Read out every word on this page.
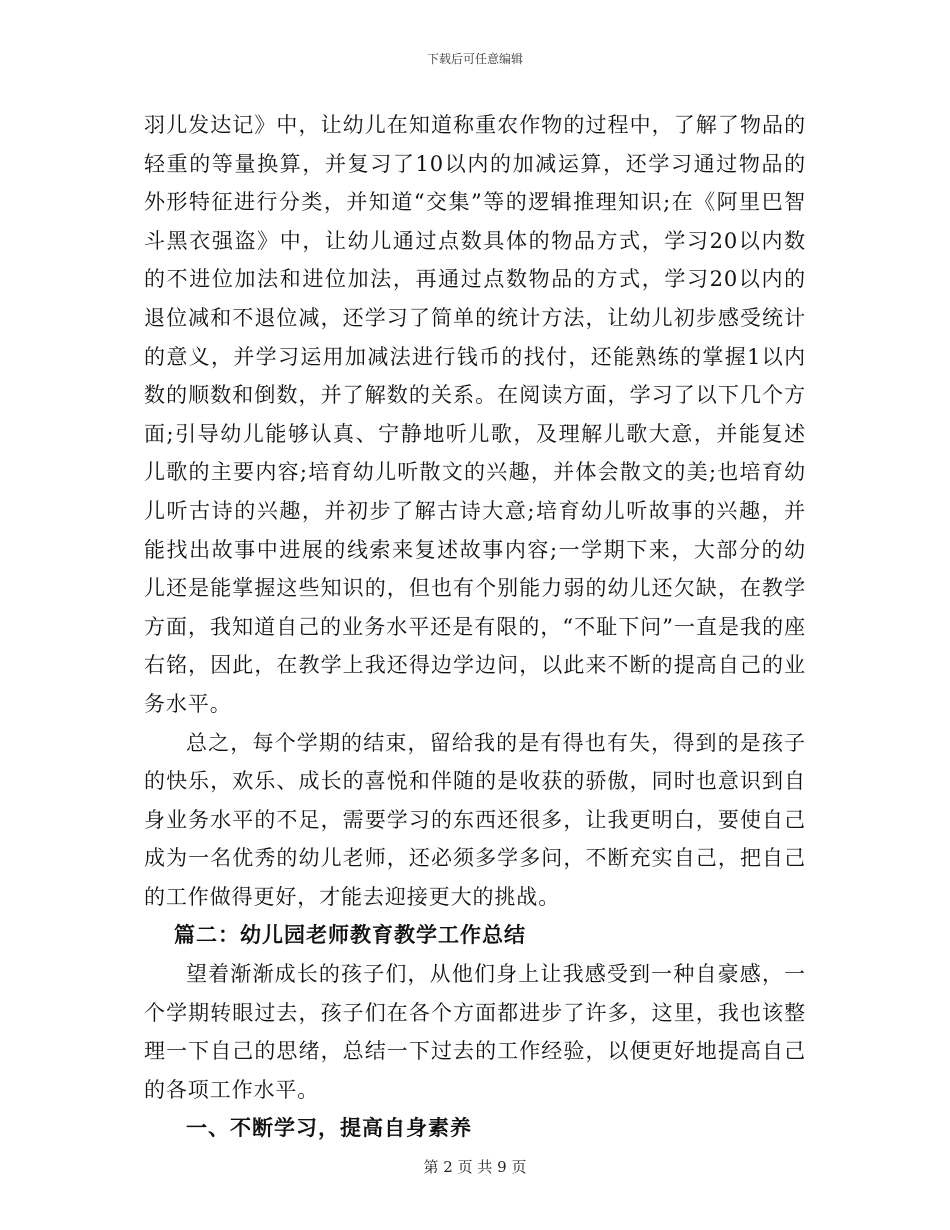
下载后可任意编辑

羽儿发达记》中，让幼儿在知道称重农作物的过程中，了解了物品的轻重的等量换算，并复习了10以内的加减运算，还学习通过物品的外形特征进行分类，并知道“交集”等的逻辑推理知识;在《阿里巴智斗黑衣强盗》中，让幼儿通过点数具体的物品方式，学习20以内数的不进位加法和进位加法，再通过点数物品的方式，学习20以内的退位减和不退位减，还学习了简单的统计方法，让幼儿初步感受统计的意义，并学习运用加减法进行钱币的找付，还能熟练的掌握1以内数的顺数和倒数，并了解数的关系。在阅读方面，学习了以下几个方面;引导幼儿能够认真、宁静地听儿歌，及理解儿歌大意，并能复述儿歌的主要内容;培育幼儿听散文的兴趣，并体会散文的美;也培育幼儿听古诗的兴趣，并初步了解古诗大意;培育幼儿听故事的兴趣，并能找出故事中进展的线索来复述故事内容;一学期下来，大部分的幼儿还是能掌握这些知识的，但也有个别能力弱的幼儿还欠缺，在教学方面，我知道自己的业务水平还是有限的，“不耻下问”一直是我的座右铭，因此，在教学上我还得边学边问，以此来不断的提高自己的业务水平。

总之，每个学期的结束，留给我的是有得也有失，得到的是孩子的快乐，欢乐、成长的喜悦和伴随的是收获的骄傲，同时也意识到自身业务水平的不足，需要学习的东西还很多，让我更明白，要使自己成为一名优秀的幼儿老师，还必须多学多问，不断充实自己，把自己的工作做得更好，才能去迎接更大的挑战。

篇二：幼儿园老师教育教学工作总结

望着渐渐成长的孩子们，从他们身上让我感受到一种自豪感，一个学期转眼过去，孩子们在各个方面都进步了许多，这里，我也该整理一下自己的思绪，总结一下过去的工作经验，以便更好地提高自己的各项工作水平。

一、不断学习，提高自身素养

第 2 页 共 9 页
